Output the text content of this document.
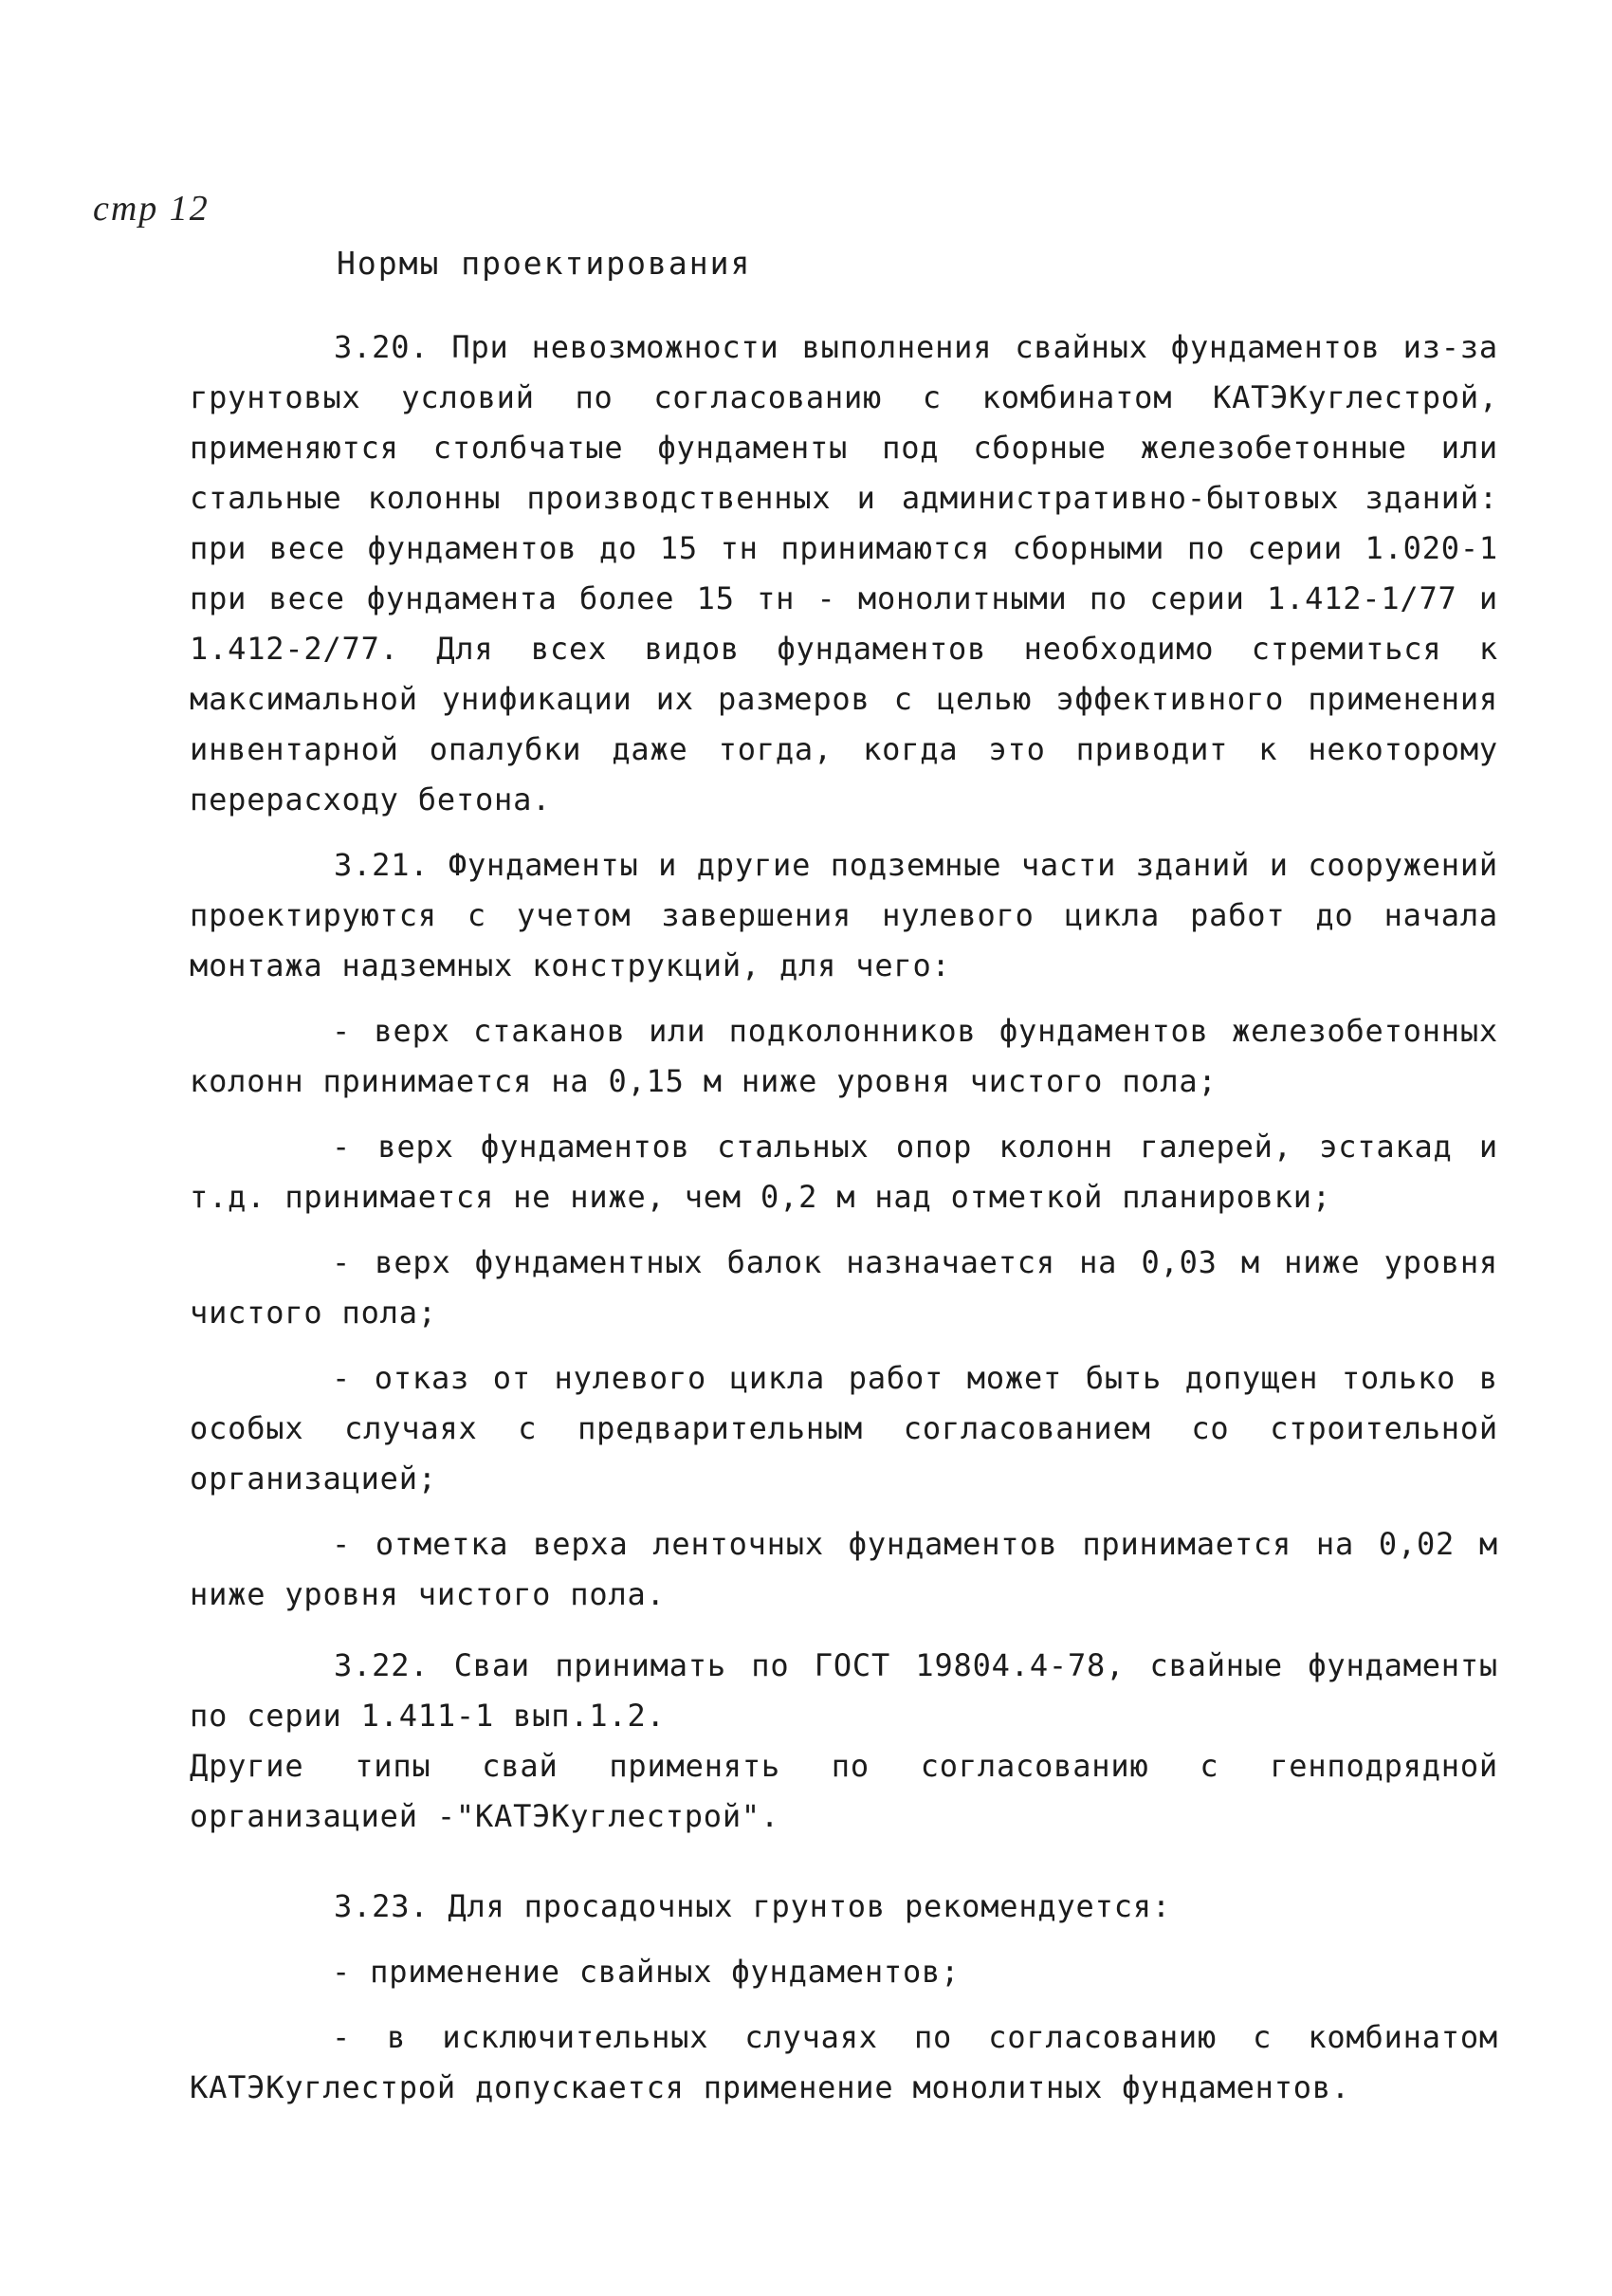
стр 12
Нормы проектирования

3.20. При невозможности выполнения свайных фундаментов из-за грунтовых условий по согласованию с комбинатом КАТЭКуглестрой, применяются столбчатые фундаменты под сборные железобетонные или стальные колонны производственных и административно-бытовых зданий: при весе фундаментов до 15 тн принимаются сборными по серии 1.020-1 при весе фундамента более 15 тн - монолитными по серии 1.412-1/77 и 1.412-2/77. Для всех видов фундаментов необходимо стремиться к максимальной унификации их размеров с целью эффективного применения инвентарной опалубки даже тогда, когда это приводит к некоторому перерасходу бетона.

3.21. Фундаменты и другие подземные части зданий и сооружений проектируются с учетом завершения нулевого цикла работ до начала монтажа надземных конструкций, для чего:

- верх стаканов или подколонников фундаментов железобетонных колонн принимается на 0,15 м ниже уровня чистого пола;

- верх фундаментов стальных опор колонн галерей, эстакад и т.д. принимается не ниже, чем 0,2 м над отметкой планировки;

- верх фундаментных балок назначается на 0,03 м ниже уровня чистого пола;

- отказ от нулевого цикла работ может быть допущен только в особых случаях с предварительным согласованием со строительной организацией;

- отметка верха ленточных фундаментов принимается на 0,02 м ниже уровня чистого пола.

3.22. Сваи принимать по ГОСТ 19804.4-78, свайные фундаменты по серии 1.411-1 вып.1.2.

Другие типы свай применять по согласованию с генподрядной организацией -"КАТЭКуглестрой".

3.23. Для просадочных грунтов рекомендуется:

- применение свайных фундаментов;

- в исключительных случаях по согласованию с комбинатом КАТЭКуглестрой допускается применение монолитных фундаментов.
